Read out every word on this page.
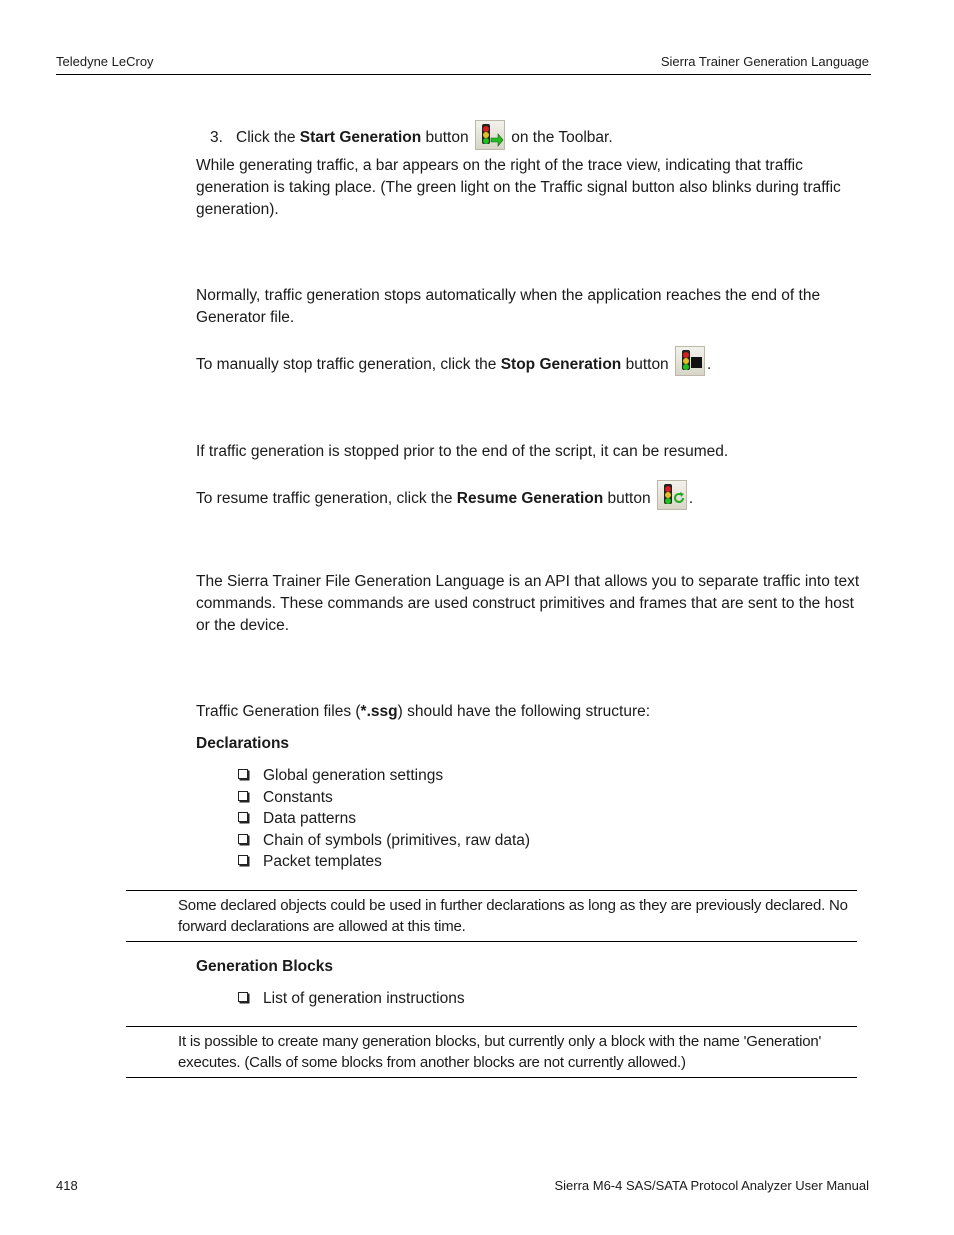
Teledyne LeCroy	Sierra Trainer Generation Language
3. Click the Start Generation button
on the Toolbar.
While generating traffic, a bar appears on the right of the trace view, indicating that traffic generation is taking place. (The green light on the Traffic signal button also blinks during traffic generation).
Normally, traffic generation stops automatically when the application reaches the end of the Generator file.
To manually stop traffic generation, click the Stop Generation button
.
If traffic generation is stopped prior to the end of the script, it can be resumed.
To resume traffic generation, click the Resume Generation button
.
The Sierra Trainer File Generation Language is an API that allows you to separate traffic into text commands. These commands are used construct primitives and frames that are sent to the host or the device.
Traffic Generation files (*.ssg) should have the following structure:
Declarations
Global generation settings
Constants
Data patterns
Chain of symbols (primitives, raw data)
Packet templates
Some declared objects could be used in further declarations as long as they are previously declared. No forward declarations are allowed at this time.
Generation Blocks
List of generation instructions
It is possible to create many generation blocks, but currently only a block with the name 'Generation' executes. (Calls of some blocks from another blocks are not currently allowed.)
418	Sierra M6-4 SAS/SATA Protocol Analyzer User Manual
